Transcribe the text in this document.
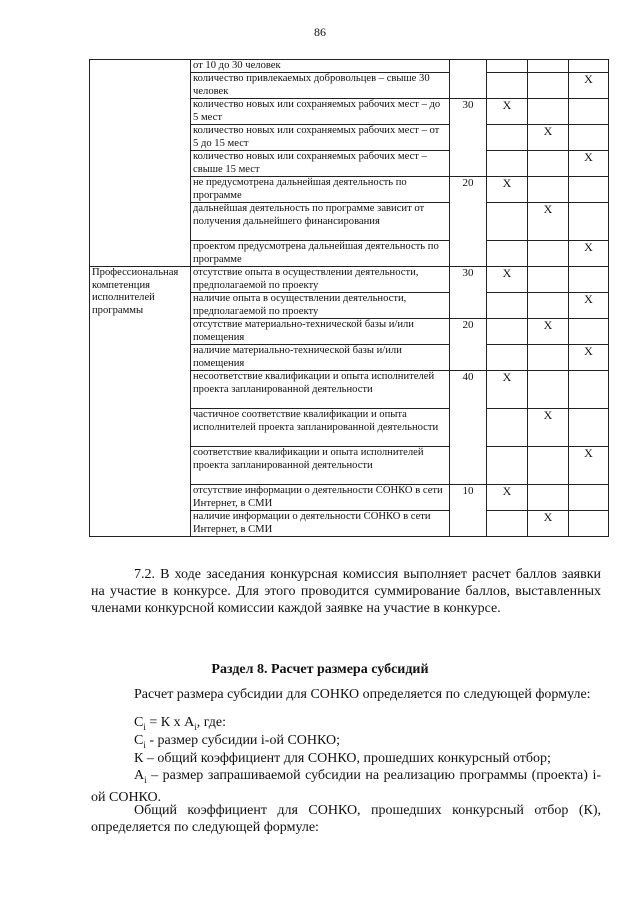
86
	от 10 до 30 человек				
	количество привлекаемых добровольцев – свыше 30 человек				X
	количество новых или сохраняемых рабочих мест – до 5 мест	30	X		
	количество новых или сохраняемых рабочих мест – от 5 до 15 мест			X	
	количество новых или сохраняемых рабочих мест – свыше 15 мест				X
	не предусмотрена дальнейшая деятельность по программе	20	X		
	дальнейшая деятельность по программе зависит от получения дальнейшего финансирования			X	
	проектом предусмотрена дальнейшая деятельность по программе				X
Профессиональная компетенция исполнителей программы	отсутствие опыта в осуществлении деятельности, предполагаемой по проекту	30	X		
	наличие опыта в осуществлении деятельности, предполагаемой по проекту				X
	отсутствие материально-технической базы и/или помещения	20		X	
	наличие материально-технической базы и/или помещения				X
	несоответствие квалификации и опыта исполнителей проекта запланированной деятельности	40	X		
	частичное соответствие квалификации и опыта исполнителей проекта запланированной деятельности			X	
	соответствие квалификации и опыта исполнителей проекта запланированной деятельности				X
	отсутствие информации о деятельности СОНКО в сети Интернет, в СМИ	10	X		
	наличие информации о деятельности СОНКО в сети Интернет, в СМИ			X	
7.2. В ходе заседания конкурсная комиссия выполняет расчет баллов заявки на участие в конкурсе. Для этого проводится суммирование баллов, выставленных членами конкурсной комиссии каждой заявке на участие в конкурсе.
Раздел 8. Расчет размера субсидий
Расчет размера субсидии для СОНКО определяется по следующей формуле:
$C_i = К$ х $А_i$, где:
$C_i$ - размер субсидии i-ой СОНКО;
К – общий коэффициент для СОНКО, прошедших конкурсный отбор;
$A_i$ – размер запрашиваемой субсидии на реализацию программы (проекта) i-ой СОНКО.
Общий коэффициент для СОНКО, прошедших конкурсный отбор (К), определяется по следующей формуле:
